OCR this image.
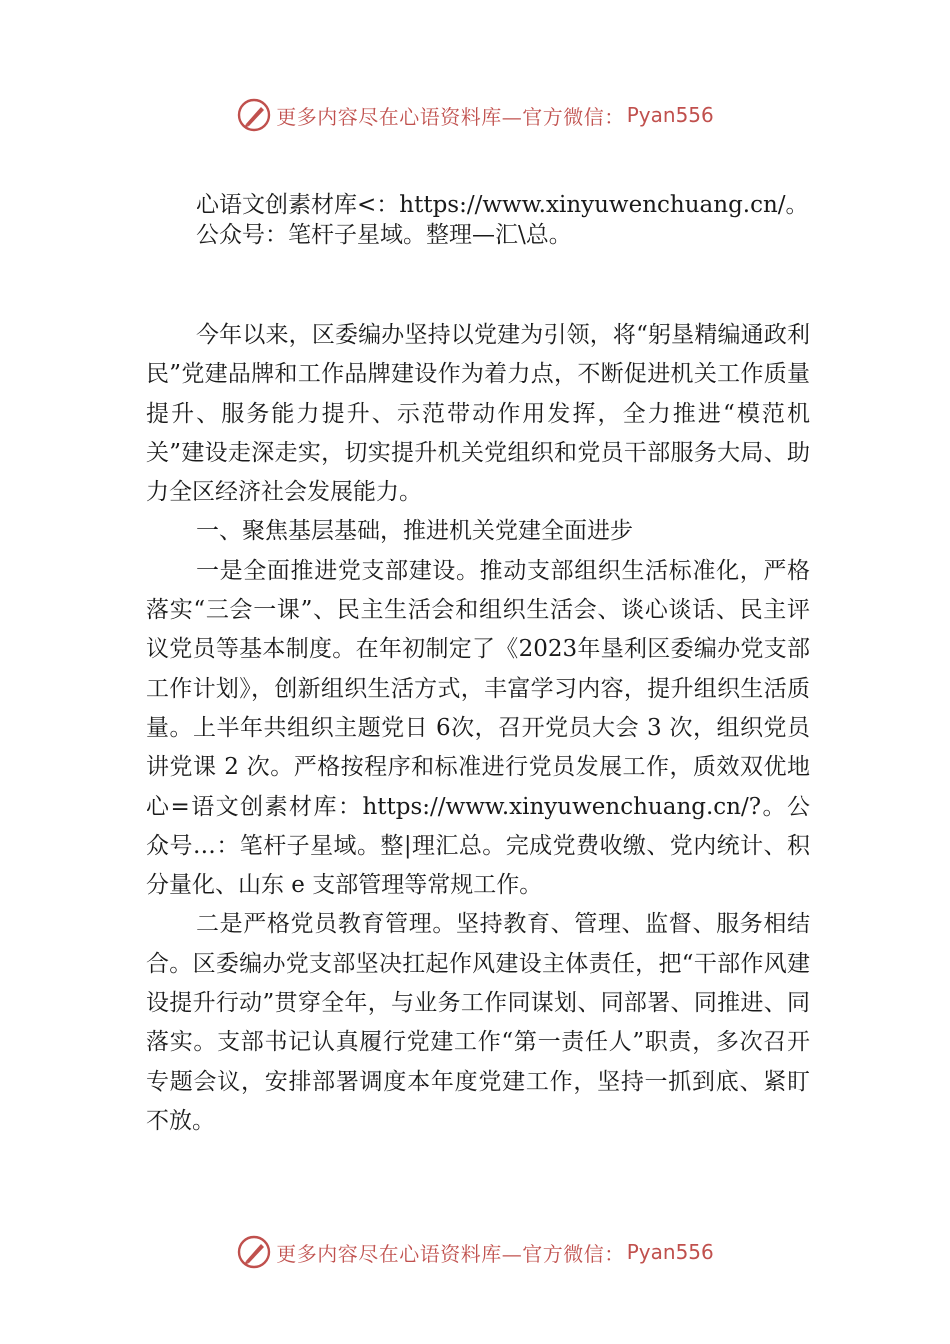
更多内容尽在心语资料库—官方微信： Pyan556

心语文创素材库<：https://www.xinyuwenchuang.cn/。

公众号：笔杆子星域。整理—汇\总。

今年以来，区委编办坚持以党建为引领，将“躬垦精编通政利民”党建品牌和工作品牌建设作为着力点，不断促进机关工作质量提升、服务能力提升、示范带动作用发挥，全力推进“模范机关”建设走深走实，切实提升机关党组织和党员干部服务大局、助力全区经济社会发展能力。

一、聚焦基层基础，推进机关党建全面进步

一是全面推进党支部建设。推动支部组织生活标准化，严格落实“三会一课”、民主生活会和组织生活会、谈心谈话、民主评议党员等基本制度。在年初制定了《2023年垦利区委编办党支部工作计划》，创新组织生活方式，丰富学习内容，提升组织生活质量。上半年共组织主题党日 6次，召开党员大会 3 次，组织党员讲党课 2 次。严格按程序和标准进行党员发展工作，质效双优地心=语文创素材库：https://www.xinyuwenchuang.cn/?。公众号…：笔杆子星域。整|理汇总。完成党费收缴、党内统计、积分量化、山东 e 支部管理等常规工作。

二是严格党员教育管理。坚持教育、管理、监督、服务相结合。区委编办党支部坚决扛起作风建设主体责任，把“干部作风建设提升行动”贯穿全年，与业务工作同谋划、同部署、同推进、同落实。支部书记认真履行党建工作“第一责任人”职责，多次召开专题会议，安排部署调度本年度党建工作，坚持一抓到底、紧盯不放。

更多内容尽在心语资料库—官方微信： Pyan556
